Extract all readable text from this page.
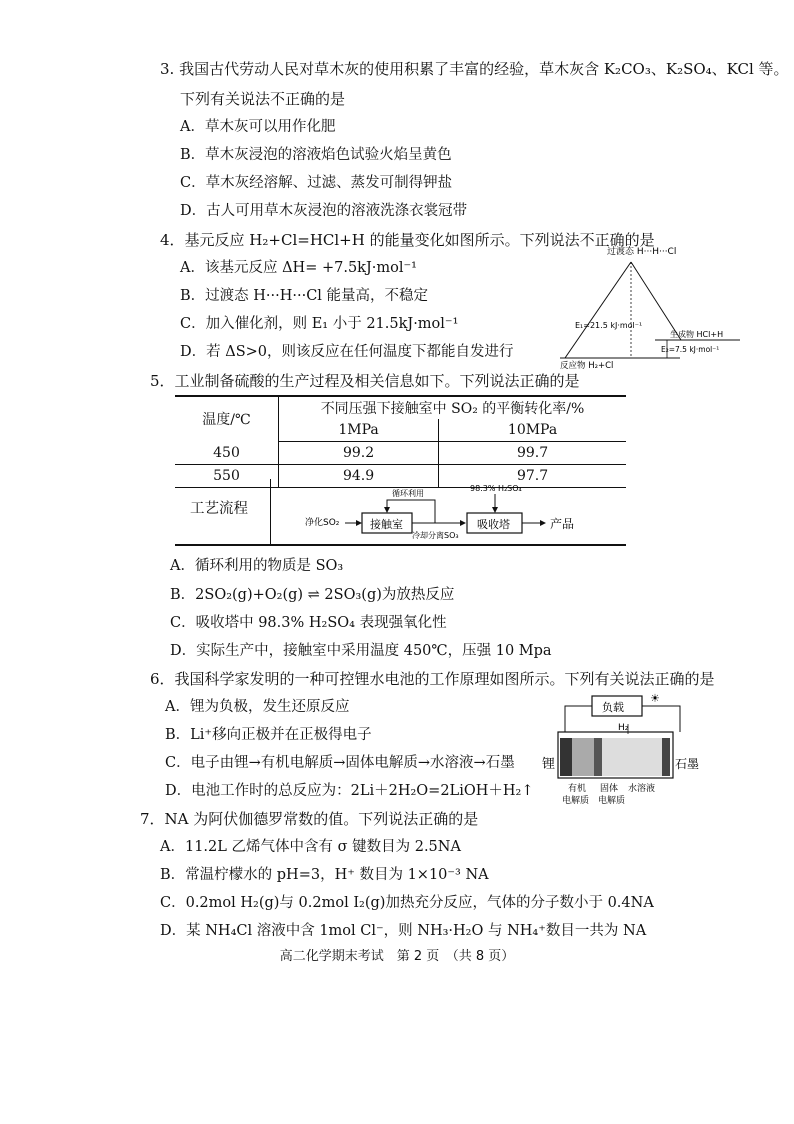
3. 我国古代劳动人民对草木灰的使用积累了丰富的经验，草木灰含 K₂CO₃、K₂SO₄、KCl 等。
下列有关说法不正确的是
A．草木灰可以用作化肥
B．草木灰浸泡的溶液焰色试验火焰呈黄色
C．草木灰经溶解、过滤、蒸发可制得钾盐
D．古人可用草木灰浸泡的溶液洗涤衣裳冠带
4．基元反应 H₂+Cl=HCl+H 的能量变化如图所示。下列说法不正确的是
A．该基元反应 ΔH= +7.5kJ·mol⁻¹
B．过渡态 H···H···Cl 能量高，不稳定
C．加入催化剂，则 E₁ 小于 21.5kJ·mol⁻¹
D．若 ΔS>0，则该反应在任何温度下都能自发进行
过渡态 H···H···Cl
E₁=21.5 kJ·mol⁻¹
生成物 HCl+H
E₂=7.5 kJ·mol⁻¹
反应物 H₂+Cl
5．工业制备硫酸的生产过程及相关信息如下。下列说法正确的是
温度/℃	不同压强下接触室中 SO₂ 的平衡转化率/%	
	1MPa	10MPa
450	99.2	99.7
550	94.9	97.7
工艺流程
净化SO₂	接触室
冷却分离SO₃
吸收塔	产品
循环利用
98.3% H₂SO₄
A．循环利用的物质是 SO₃
B．2SO₂(g)+O₂(g) ⇌ 2SO₃(g)为放热反应
C．吸收塔中 98.3% H₂SO₄ 表现强氧化性
D．实际生产中，接触室中采用温度 450℃，压强 10 Mpa
6．我国科学家发明的一种可控锂水电池的工作原理如图所示。下列有关说法正确的是
A．锂为负极，发生还原反应
B．Li⁺移向正极并在正极得电子
C．电子由锂→有机电解质→固体电解质→水溶液→石墨
D．电池工作时的总反应为：2Li＋2H₂O=2LiOH＋H₂↑
负载
☀
H₂
锂	石墨
有机
电解质
固体
电解质
水溶液
7．NA 为阿伏伽德罗常数的值。下列说法正确的是
A．11.2L 乙烯气体中含有 σ 键数目为 2.5NA
B．常温柠檬水的 pH=3，H⁺ 数目为 1×10⁻³ NA
C．0.2mol H₂(g)与 0.2mol I₂(g)加热充分反应，气体的分子数小于 0.4NA
D．某 NH₄Cl 溶液中含 1mol Cl⁻，则 NH₃·H₂O 与 NH₄⁺数目一共为 NA
高二化学期末考试　第 2 页　（共 8 页）
